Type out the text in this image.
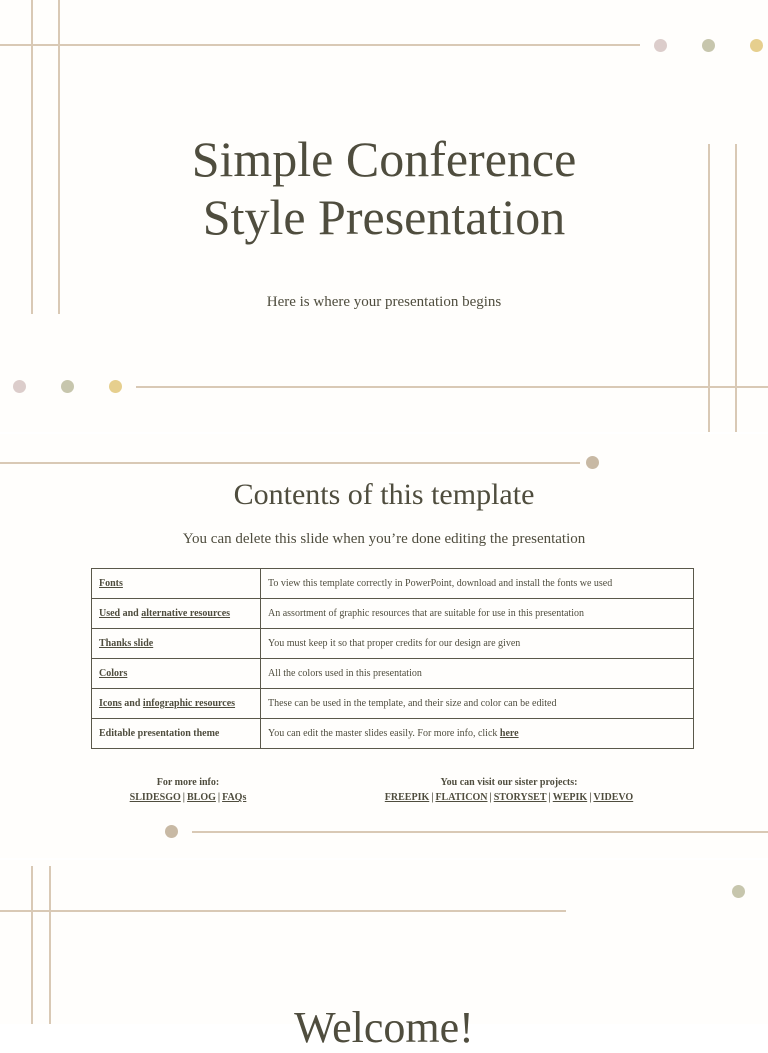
Simple Conference
Style Presentation
Here is where your presentation begins
Contents of this template
You can delete this slide when you’re done editing the presentation
Fonts	To view this template correctly in PowerPoint, download and install the fonts we used
Used and alternative resources	An assortment of graphic resources that are suitable for use in this presentation
Thanks slide	You must keep it so that proper credits for our design are given
Colors	All the colors used in this presentation
Icons and infographic resources	These can be used in the template, and their size and color can be edited
Editable presentation theme	You can edit the master slides easily. For more info, click here
For more info:
SLIDESGO | BLOG | FAQs
You can visit our sister projects:
FREEPIK | FLATICON | STORYSET | WEPIK | VIDEVO
Welcome!
